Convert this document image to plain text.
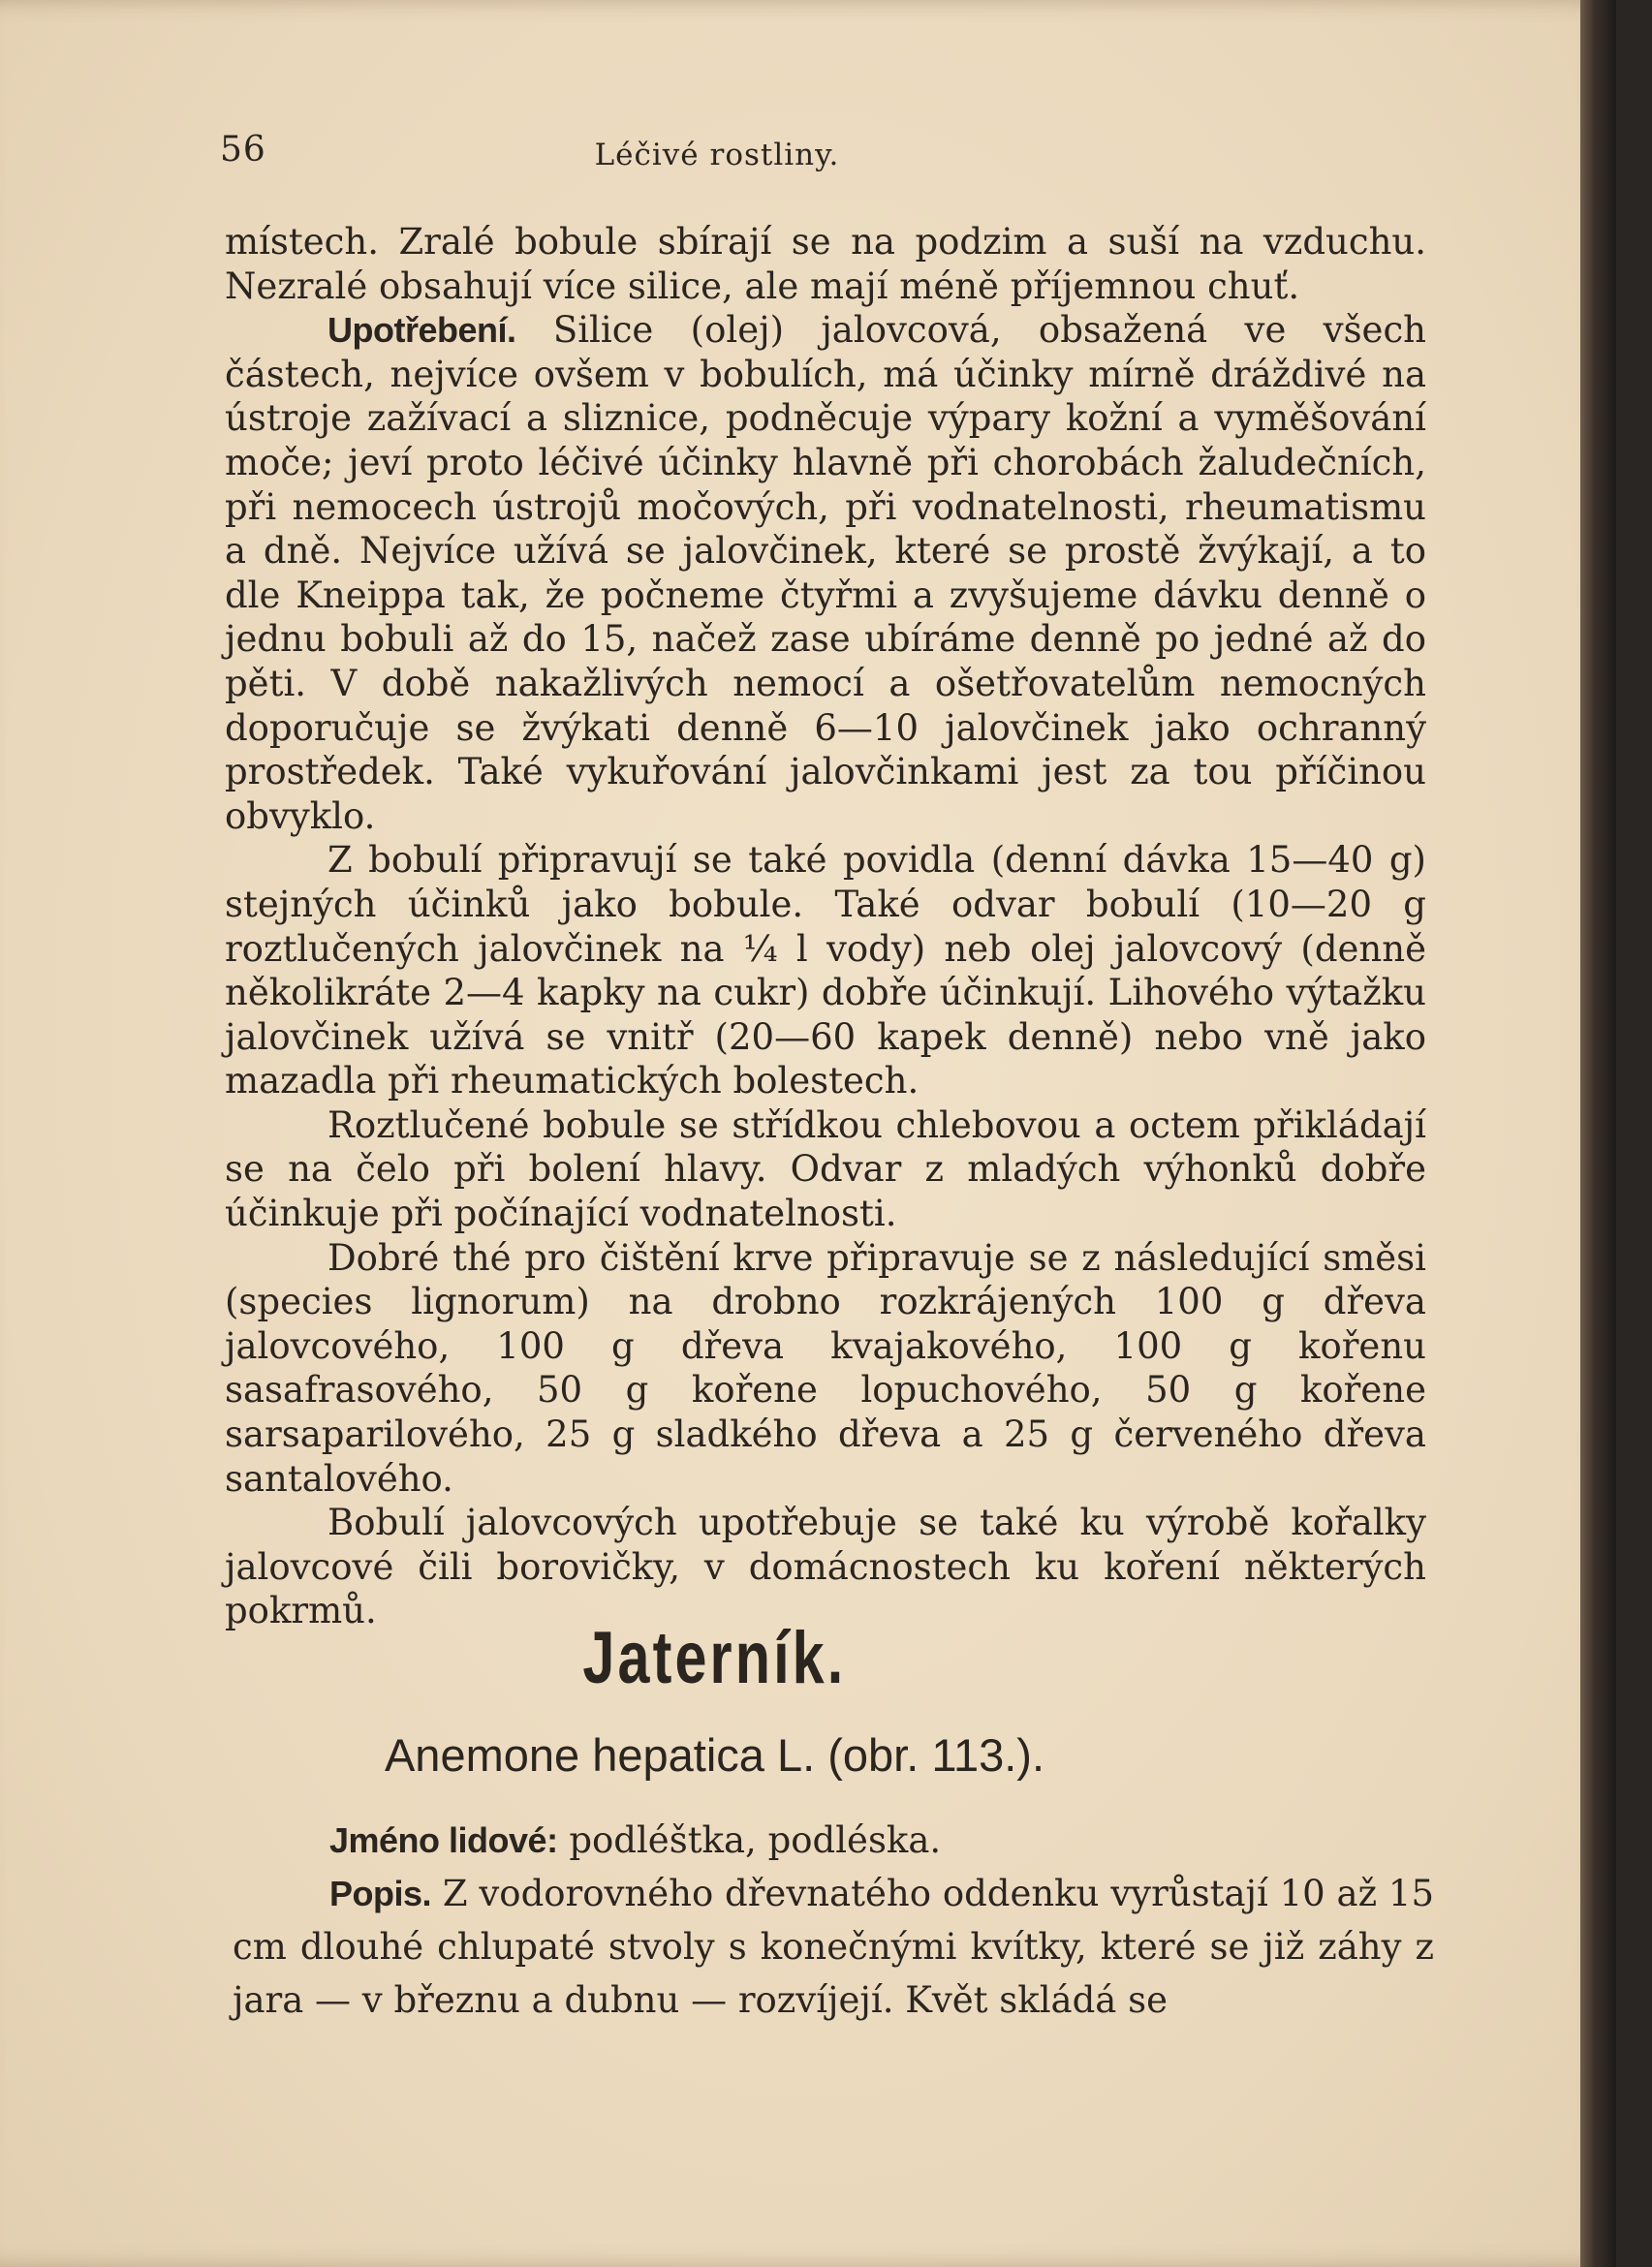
56	Léčivé rostliny.

místech. Zralé bobule sbírají se na podzim a suší na vzduchu. Nezralé obsahují více silice, ale mají méně příjemnou chuť.

Upotřebení. Silice (olej) jalovcová, obsažená ve všech částech, nejvíce ovšem v bobulích, má účinky mírně dráždivé na ústroje zažívací a sliznice, podněcuje výpary kožní a vyměšování moče; jeví proto léčivé účinky hlavně při chorobách žaludečních, při nemocech ústrojů močových, při vodnatelnosti, rheumatismu a dně. Nejvíce užívá se jalovčinek, které se prostě žvýkají, a to dle Kneippa tak, že počneme čtyřmi a zvyšujeme dávku denně o jednu bobuli až do 15, načež zase ubíráme denně po jedné až do pěti. V době nakažlivých nemocí a ošetřovatelům nemocných doporučuje se žvýkati denně 6—10 jalovčinek jako ochranný prostředek. Také vykuřování jalovčinkami jest za tou příčinou obvyklo.

Z bobulí připravují se také povidla (denní dávka 15—40 g) stejných účinků jako bobule. Také odvar bobulí (10—20 g roztlučených jalovčinek na ¼ l vody) neb olej jalovcový (denně několikráte 2—4 kapky na cukr) dobře účinkují. Lihového výtažku jalovčinek užívá se vnitř (20—60 kapek denně) nebo vně jako mazadla při rheumatických bolestech.

Roztlučené bobule se střídkou chlebovou a octem přikládají se na čelo při bolení hlavy. Odvar z mladých výhonků dobře účinkuje při počínající vodnatelnosti.

Dobré thé pro čištění krve připravuje se z následující směsi (species lignorum) na drobno rozkrájených 100 g dřeva jalovcového, 100 g dřeva kvajakového, 100 g kořenu sasafrasového, 50 g kořene lopuchového, 50 g kořene sarsaparilového, 25 g sladkého dřeva a 25 g červeného dřeva santalového.

Bobulí jalovcových upotřebuje se také ku výrobě kořalky jalovcové čili borovičky, v domácnostech ku koření některých pokrmů.

Jaterník.
Anemone hepatica L. (obr. 113.).

Jméno lidové: podléštka, podléska.

Popis. Z vodorovného dřevnatého oddenku vyrůstají 10 až 15 cm dlouhé chlupaté stvoly s konečnými kvítky, které se již záhy z jara — v březnu a dubnu — rozvíjejí. Květ skládá se
